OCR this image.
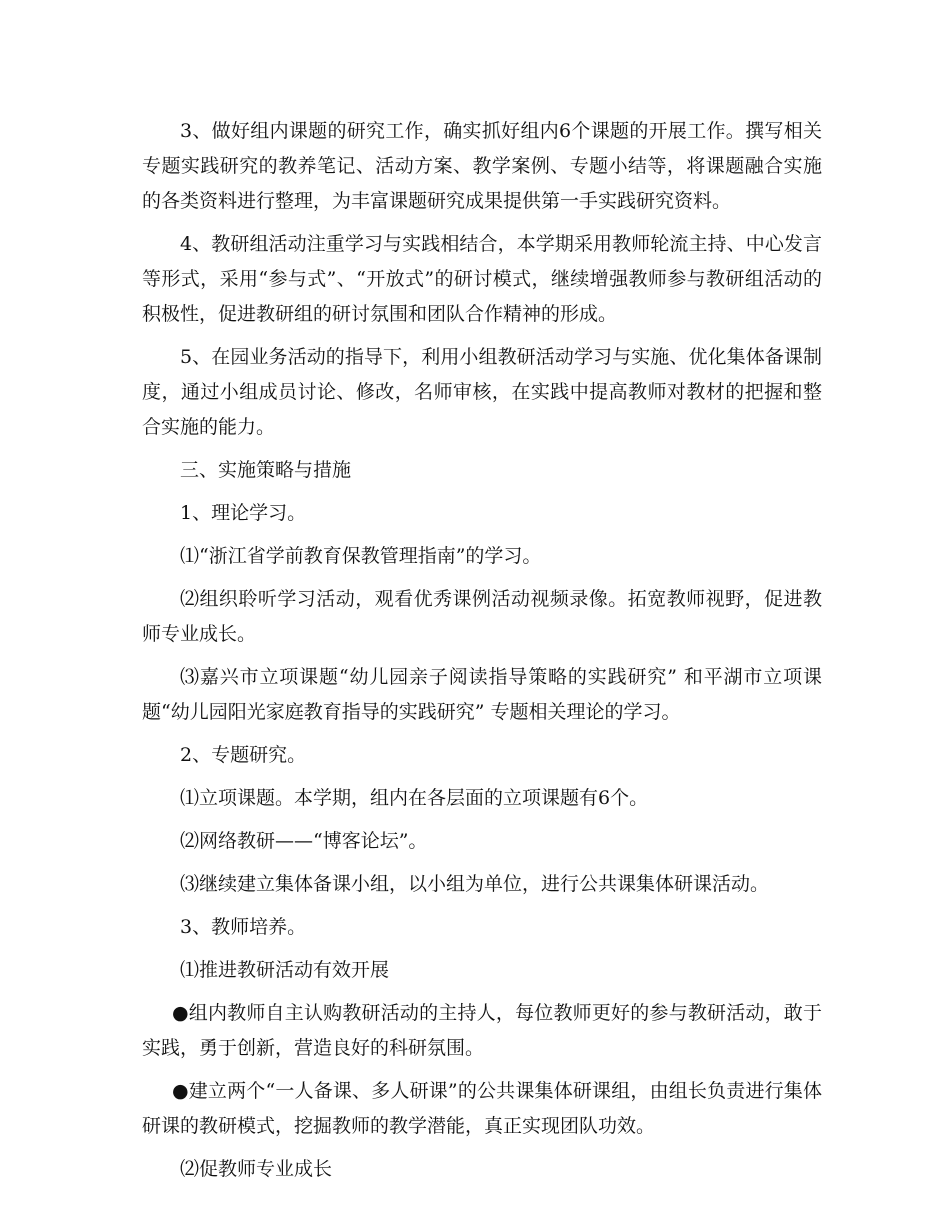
3、做好组内课题的研究工作，确实抓好组内6个课题的开展工作。撰写相关专题实践研究的教养笔记、活动方案、教学案例、专题小结等，将课题融合实施的各类资料进行整理，为丰富课题研究成果提供第一手实践研究资料。

4、教研组活动注重学习与实践相结合，本学期采用教师轮流主持、中心发言等形式，采用“参与式”、“开放式”的研讨模式，继续增强教师参与教研组活动的积极性，促进教研组的研讨氛围和团队合作精神的形成。

5、在园业务活动的指导下，利用小组教研活动学习与实施、优化集体备课制度，通过小组成员讨论、修改，名师审核，在实践中提高教师对教材的把握和整合实施的能力。

三、实施策略与措施

1、理论学习。

⑴“浙江省学前教育保教管理指南”的学习。

⑵组织聆听学习活动，观看优秀课例活动视频录像。拓宽教师视野，促进教师专业成长。

⑶嘉兴市立项课题“幼儿园亲子阅读指导策略的实践研究” 和平湖市立项课题“幼儿园阳光家庭教育指导的实践研究” 专题相关理论的学习。

2、专题研究。

⑴立项课题。本学期，组内在各层面的立项课题有6个。

⑵网络教研——“博客论坛”。

⑶继续建立集体备课小组，以小组为单位，进行公共课集体研课活动。

3、教师培养。

⑴推进教研活动有效开展

●组内教师自主认购教研活动的主持人，每位教师更好的参与教研活动，敢于实践，勇于创新，营造良好的科研氛围。

●建立两个“一人备课、多人研课”的公共课集体研课组，由组长负责进行集体研课的教研模式，挖掘教师的教学潜能，真正实现团队功效。

⑵促教师专业成长
